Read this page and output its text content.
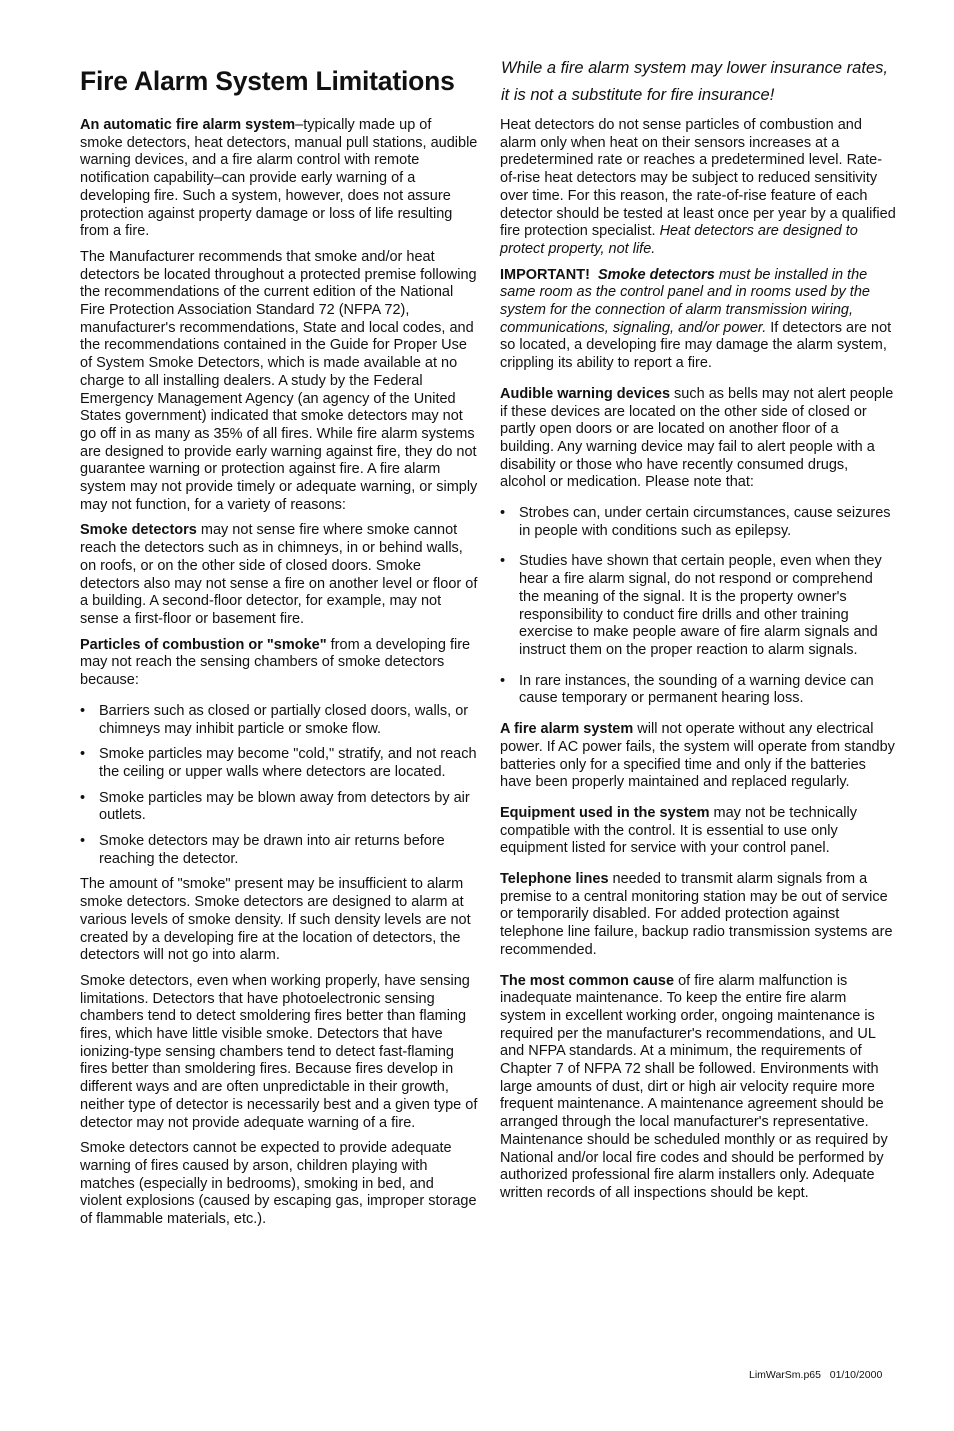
Fire Alarm System Limitations	While a fire alarm system may lower insurance rates, it is not a substitute for fire insurance!

An automatic fire alarm system–typically made up of smoke detectors, heat detectors, manual pull stations, audible warning devices, and a fire alarm control with remote notification capability–can provide early warning of a developing fire. Such a system, however, does not assure protection against property damage or loss of life resulting from a fire.

The Manufacturer recommends that smoke and/or heat detectors be located throughout a protected premise following the recommendations of the current edition of the National Fire Protection Association Standard 72 (NFPA 72), manufacturer's recommendations, State and local codes, and the recommendations contained in the Guide for Proper Use of System Smoke Detectors, which is made available at no charge to all installing dealers. A study by the Federal Emergency Management Agency (an agency of the United States government) indicated that smoke detectors may not go off in as many as 35% of all fires. While fire alarm systems are designed to provide early warning against fire, they do not guarantee warning or protection against fire. A fire alarm system may not provide timely or adequate warning, or simply may not function, for a variety of reasons:

Smoke detectors may not sense fire where smoke cannot reach the detectors such as in chimneys, in or behind walls, on roofs, or on the other side of closed doors. Smoke detectors also may not sense a fire on another level or floor of a building. A second-floor detector, for example, may not sense a first-floor or basement fire.

Particles of combustion or "smoke" from a developing fire may not reach the sensing chambers of smoke detectors because:

• Barriers such as closed or partially closed doors, walls, or chimneys may inhibit particle or smoke flow.
• Smoke particles may become "cold," stratify, and not reach the ceiling or upper walls where detectors are located.
• Smoke particles may be blown away from detectors by air outlets.
• Smoke detectors may be drawn into air returns before reaching the detector.

The amount of "smoke" present may be insufficient to alarm smoke detectors. Smoke detectors are designed to alarm at various levels of smoke density. If such density levels are not created by a developing fire at the location of detectors, the detectors will not go into alarm.

Smoke detectors, even when working properly, have sensing limitations. Detectors that have photoelectronic sensing chambers tend to detect smoldering fires better than flaming fires, which have little visible smoke. Detectors that have ionizing-type sensing chambers tend to detect fast-flaming fires better than smoldering fires. Because fires develop in different ways and are often unpredictable in their growth, neither type of detector is necessarily best and a given type of detector may not provide adequate warning of a fire.

Smoke detectors cannot be expected to provide adequate warning of fires caused by arson, children playing with matches (especially in bedrooms), smoking in bed, and violent explosions (caused by escaping gas, improper storage of flammable materials, etc.).

Heat detectors do not sense particles of combustion and alarm only when heat on their sensors increases at a predetermined rate or reaches a predetermined level. Rate-of-rise heat detectors may be subject to reduced sensitivity over time. For this reason, the rate-of-rise feature of each detector should be tested at least once per year by a qualified fire protection specialist. Heat detectors are designed to protect property, not life.

IMPORTANT! Smoke detectors must be installed in the same room as the control panel and in rooms used by the system for the connection of alarm transmission wiring, communications, signaling, and/or power. If detectors are not so located, a developing fire may damage the alarm system, crippling its ability to report a fire.

Audible warning devices such as bells may not alert people if these devices are located on the other side of closed or partly open doors or are located on another floor of a building. Any warning device may fail to alert people with a disability or those who have recently consumed drugs, alcohol or medication. Please note that:

• Strobes can, under certain circumstances, cause seizures in people with conditions such as epilepsy.
• Studies have shown that certain people, even when they hear a fire alarm signal, do not respond or comprehend the meaning of the signal. It is the property owner's responsibility to conduct fire drills and other training exercise to make people aware of fire alarm signals and instruct them on the proper reaction to alarm signals.
• In rare instances, the sounding of a warning device can cause temporary or permanent hearing loss.

A fire alarm system will not operate without any electrical power. If AC power fails, the system will operate from standby batteries only for a specified time and only if the batteries have been properly maintained and replaced regularly.

Equipment used in the system may not be technically compatible with the control. It is essential to use only equipment listed for service with your control panel.

Telephone lines needed to transmit alarm signals from a premise to a central monitoring station may be out of service or temporarily disabled. For added protection against telephone line failure, backup radio transmission systems are recommended.

The most common cause of fire alarm malfunction is inadequate maintenance. To keep the entire fire alarm system in excellent working order, ongoing maintenance is required per the manufacturer's recommendations, and UL and NFPA standards. At a minimum, the requirements of Chapter 7 of NFPA 72 shall be followed. Environments with large amounts of dust, dirt or high air velocity require more frequent maintenance. A maintenance agreement should be arranged through the local manufacturer's representative. Maintenance should be scheduled monthly or as required by National and/or local fire codes and should be performed by authorized professional fire alarm installers only. Adequate written records of all inspections should be kept.

LimWarSm.p65 01/10/2000
